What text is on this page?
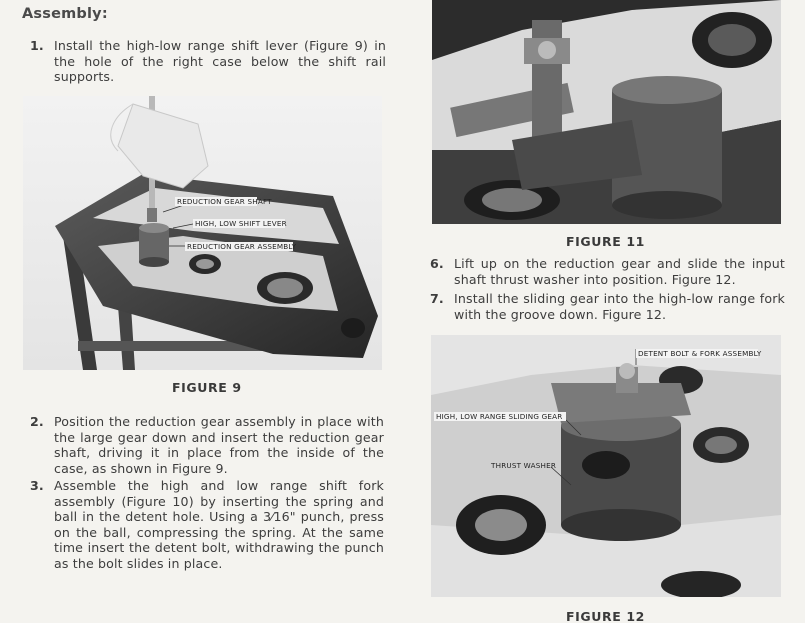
Assembly:
1. Install the high-low range shift lever (Figure 9) in the hole of the right case below the shift rail supports.
REDUCTION GEAR SHAFT
HIGH, LOW SHIFT LEVER
REDUCTION GEAR ASSEMBLY
FIGURE 9
2. Position the reduction gear assembly in place with the large gear down and insert the reduction gear shaft, driving it in place from the inside of the case, as shown in Figure 9.
3. Assemble the high and low range shift fork assembly (Figure 10) by inserting the spring and ball in the detent hole. Using a 3⁄16" punch, press on the ball, compressing the spring. At the same time insert the detent bolt, withdrawing the punch as the bolt slides in place.
FIGURE 11
6. Lift up on the reduction gear and slide the input shaft thrust washer into position. Figure 12.
7. Install the sliding gear into the high-low range fork with the groove down. Figure 12.
DETENT BOLT & FORK ASSEMBLY
HIGH, LOW RANGE SLIDING GEAR
THRUST WASHER
FIGURE 12
